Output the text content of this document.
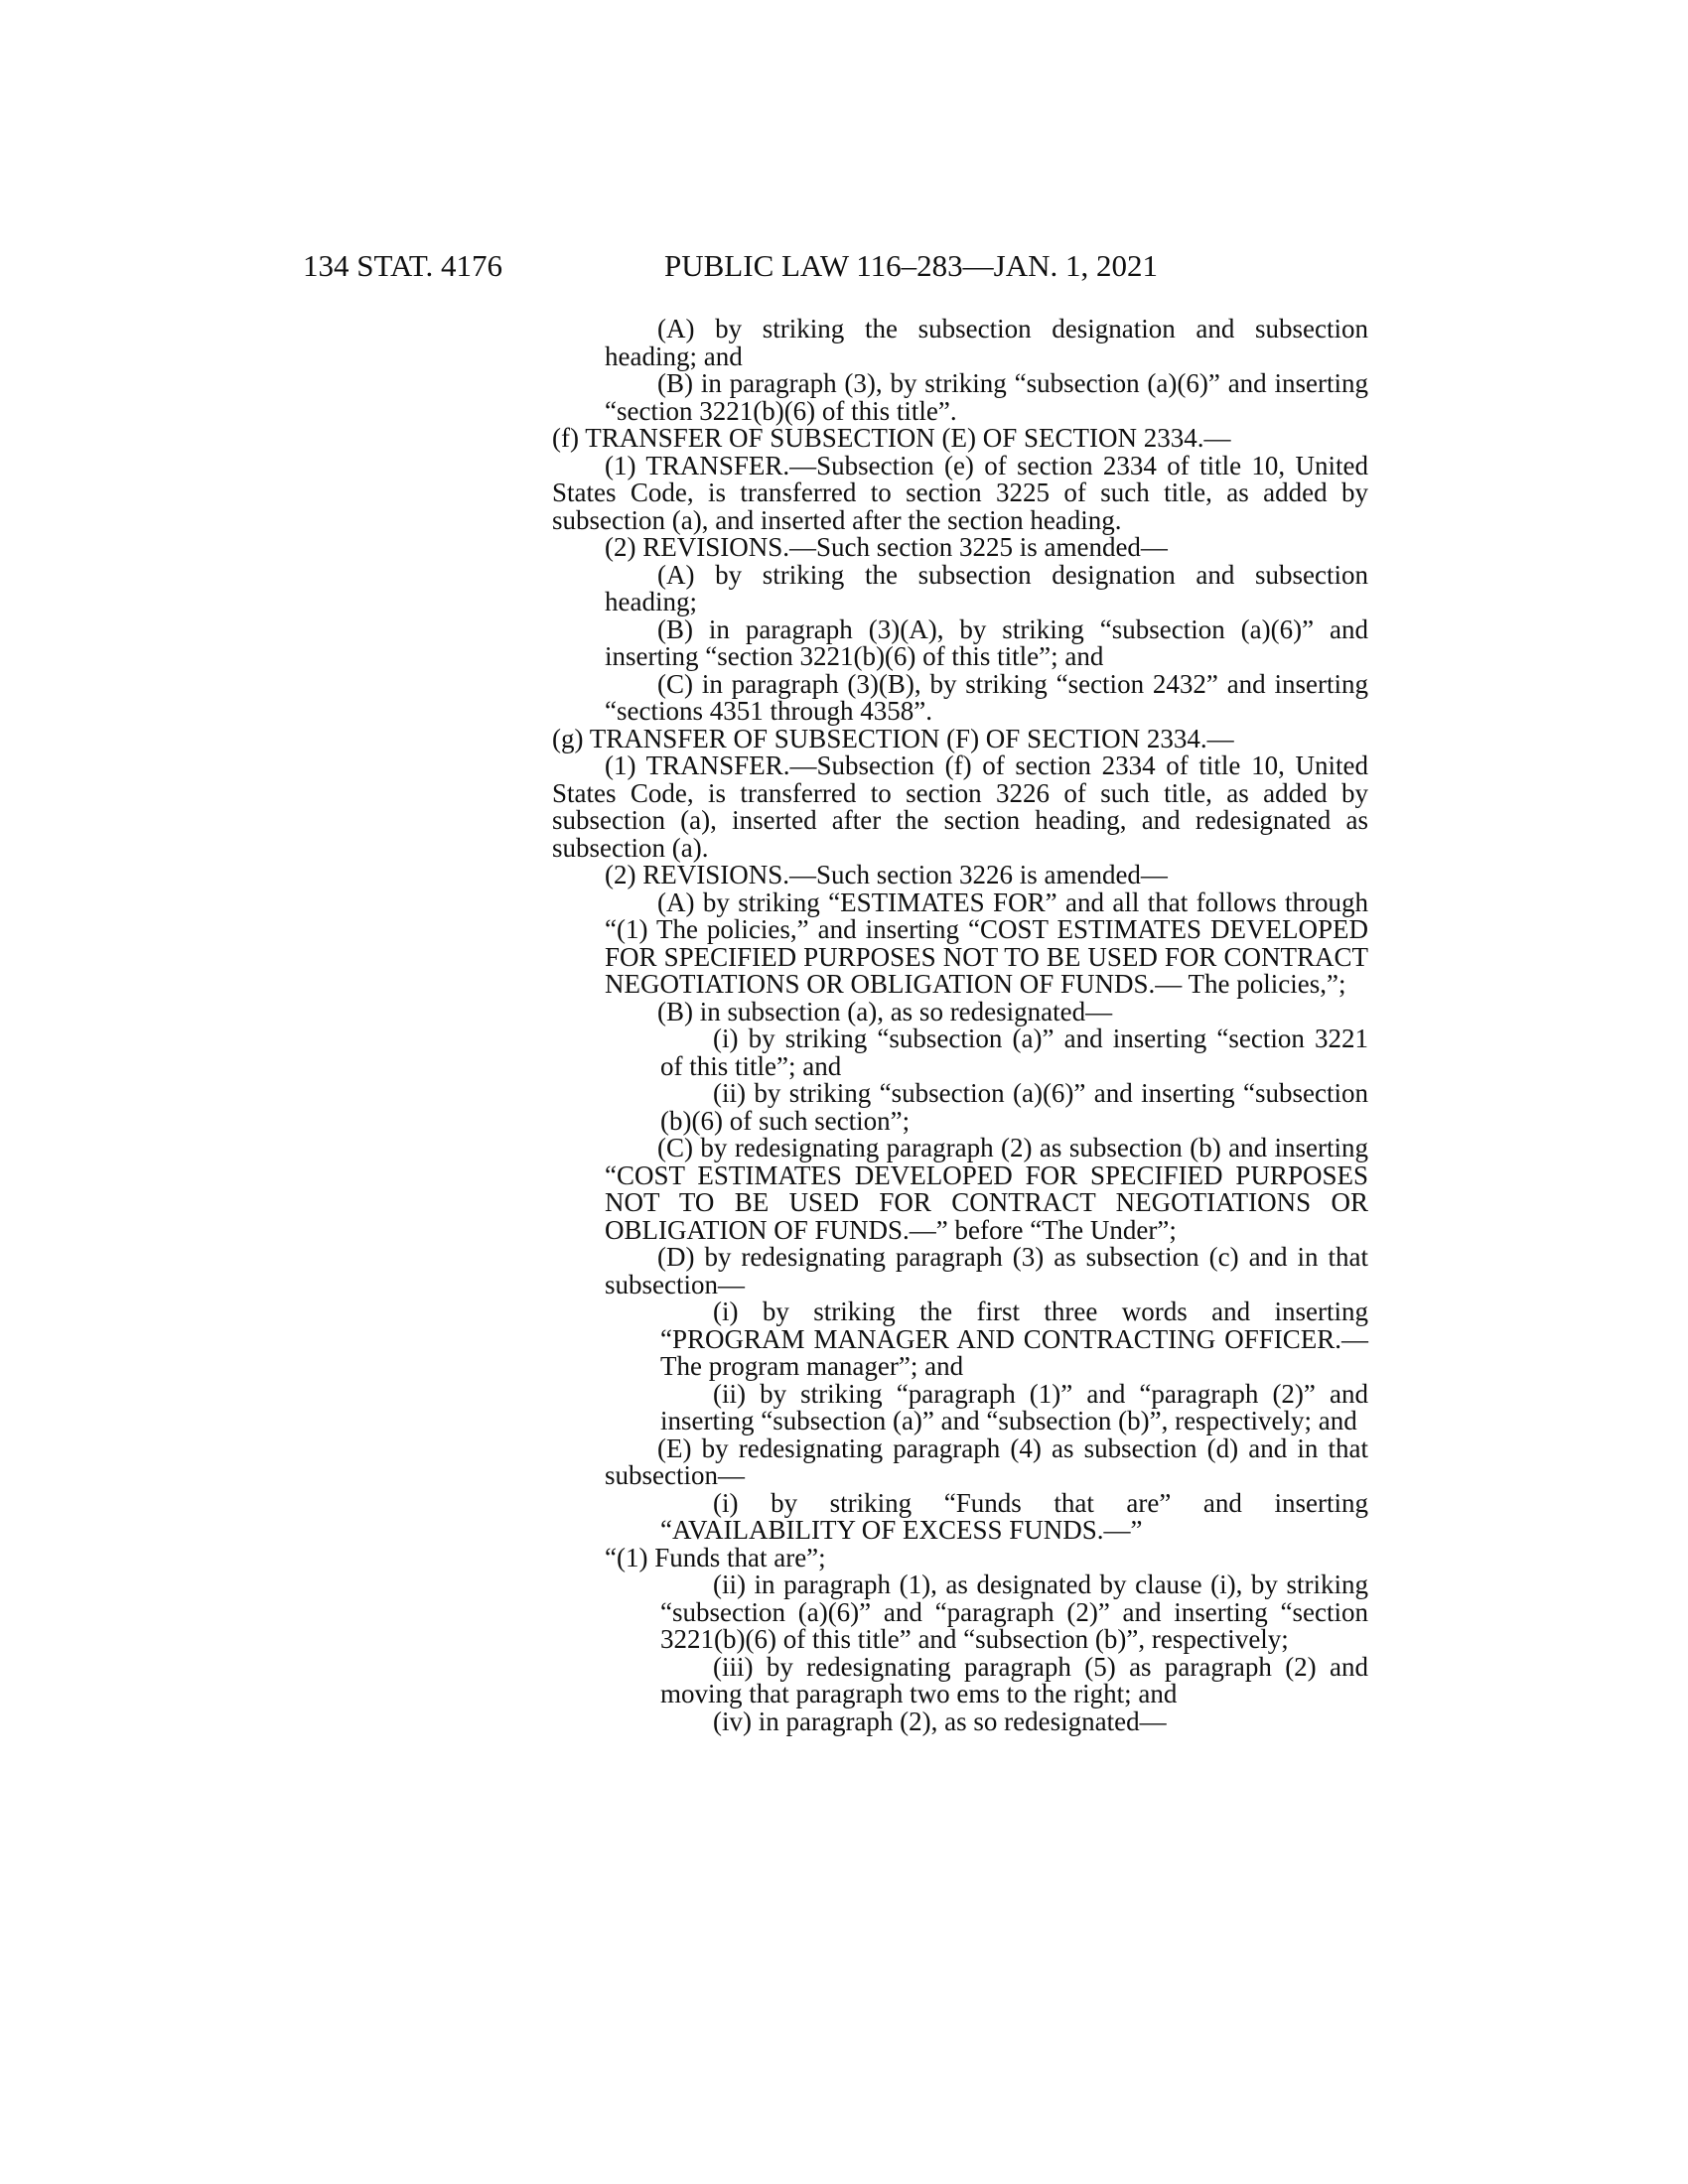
134 STAT. 4176	PUBLIC LAW 116–283—JAN. 1, 2021
(A) by striking the subsection designation and subsection heading; and
(B) in paragraph (3), by striking “subsection (a)(6)” and inserting “section 3221(b)(6) of this title”.
(f) TRANSFER OF SUBSECTION (E) OF SECTION 2334.—
(1) TRANSFER.—Subsection (e) of section 2334 of title 10, United States Code, is transferred to section 3225 of such title, as added by subsection (a), and inserted after the section heading.
(2) REVISIONS.—Such section 3225 is amended—
(A) by striking the subsection designation and subsection heading;
(B) in paragraph (3)(A), by striking “subsection (a)(6)” and inserting “section 3221(b)(6) of this title”; and
(C) in paragraph (3)(B), by striking “section 2432” and inserting “sections 4351 through 4358”.
(g) TRANSFER OF SUBSECTION (F) OF SECTION 2334.—
(1) TRANSFER.—Subsection (f) of section 2334 of title 10, United States Code, is transferred to section 3226 of such title, as added by subsection (a), inserted after the section heading, and redesignated as subsection (a).
(2) REVISIONS.—Such section 3226 is amended—
(A) by striking “ESTIMATES FOR” and all that follows through “(1) The policies,” and inserting “COST ESTIMATES DEVELOPED FOR SPECIFIED PURPOSES NOT TO BE USED FOR CONTRACT NEGOTIATIONS OR OBLIGATION OF FUNDS.— The policies,”;
(B) in subsection (a), as so redesignated—
(i) by striking “subsection (a)” and inserting “section 3221 of this title”; and
(ii) by striking “subsection (a)(6)” and inserting “subsection (b)(6) of such section”;
(C) by redesignating paragraph (2) as subsection (b) and inserting “COST ESTIMATES DEVELOPED FOR SPECIFIED PURPOSES NOT TO BE USED FOR CONTRACT NEGOTIATIONS OR OBLIGATION OF FUNDS.—” before “The Under”;
(D) by redesignating paragraph (3) as subsection (c) and in that subsection—
(i) by striking the first three words and inserting “PROGRAM MANAGER AND CONTRACTING OFFICER.—The program manager”; and
(ii) by striking “paragraph (1)” and “paragraph (2)” and inserting “subsection (a)” and “subsection (b)”, respectively; and
(E) by redesignating paragraph (4) as subsection (d) and in that subsection—
(i) by striking “Funds that are” and inserting “AVAILABILITY OF EXCESS FUNDS.—”
“(1) Funds that are”;
(ii) in paragraph (1), as designated by clause (i), by striking “subsection (a)(6)” and “paragraph (2)” and inserting “section 3221(b)(6) of this title” and “subsection (b)”, respectively;
(iii) by redesignating paragraph (5) as paragraph (2) and moving that paragraph two ems to the right; and
(iv) in paragraph (2), as so redesignated—
